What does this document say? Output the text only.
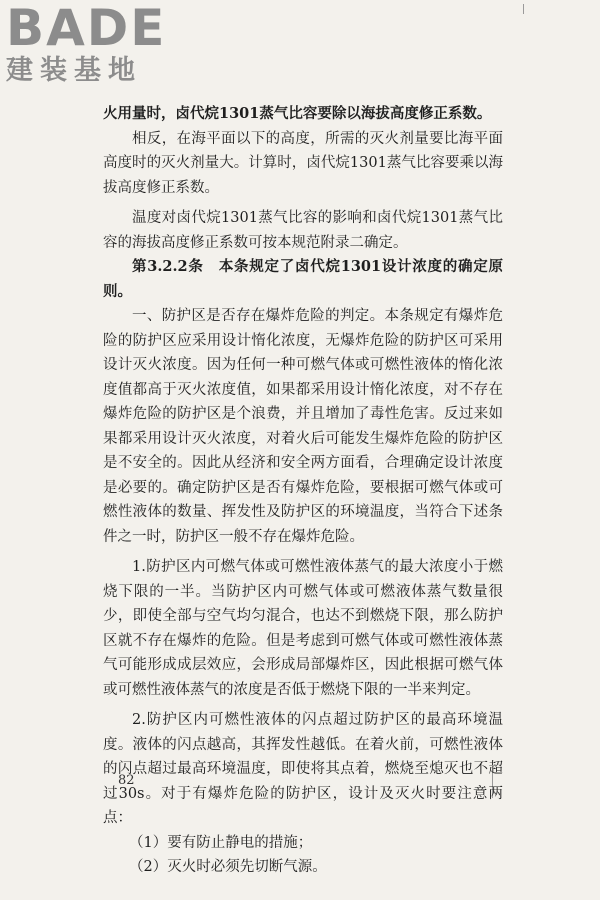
BADE
建装基地

火用量时，卤代烷1301蒸气比容要除以海拔高度修正系数。

相反，在海平面以下的高度，所需的灭火剂量要比海平面高度时的灭火剂量大。计算时，卤代烷1301蒸气比容要乘以海拔高度修正系数。

温度对卤代烷1301蒸气比容的影响和卤代烷1301蒸气比容的海拔高度修正系数可按本规范附录二确定。

第3.2.2条　本条规定了卤代烷1301设计浓度的确定原则。

一、防护区是否存在爆炸危险的判定。本条规定有爆炸危险的防护区应采用设计惰化浓度，无爆炸危险的防护区可采用设计灭火浓度。因为任何一种可燃气体或可燃性液体的惰化浓度值都高于灭火浓度值，如果都采用设计惰化浓度，对不存在爆炸危险的防护区是个浪费，并且增加了毒性危害。反过来如果都采用设计灭火浓度，对着火后可能发生爆炸危险的防护区是不安全的。因此从经济和安全两方面看，合理确定设计浓度是必要的。确定防护区是否有爆炸危险，要根据可燃气体或可燃性液体的数量、挥发性及防护区的环境温度，当符合下述条件之一时，防护区一般不存在爆炸危险。

1.防护区内可燃气体或可燃性液体蒸气的最大浓度小于燃烧下限的一半。当防护区内可燃气体或可燃液体蒸气数量很少，即使全部与空气均匀混合，也达不到燃烧下限，那么防护区就不存在爆炸的危险。但是考虑到可燃气体或可燃性液体蒸气可能形成成层效应，会形成局部爆炸区，因此根据可燃气体或可燃性液体蒸气的浓度是否低于燃烧下限的一半来判定。

2.防护区内可燃性液体的闪点超过防护区的最高环境温度。液体的闪点越高，其挥发性越低。在着火前，可燃性液体的闪点超过最高环境温度，即使将其点着，燃烧至熄灭也不超过30s。对于有爆炸危险的防护区，设计及灭火时要注意两点：

（1）要有防止静电的措施；

（2）灭火时必须先切断气源。

82
